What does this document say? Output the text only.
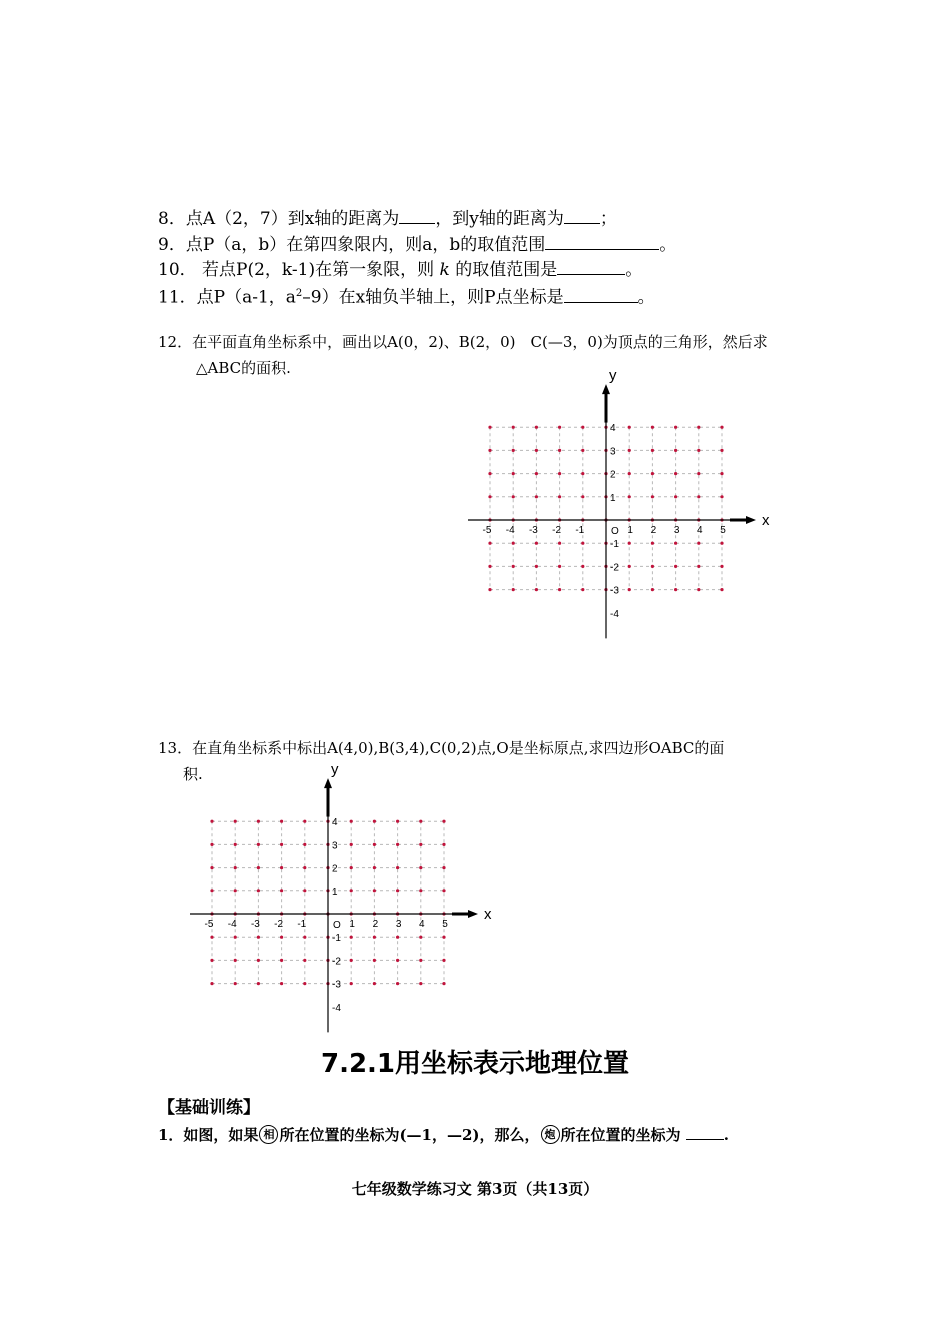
8．点A（2，7）到x轴的距离为 ，到y轴的距离为 ；
9．点P（a，b）在第四象限内，则a，b的取值范围	。
10． 若点P(2，k-1)在第一象限，则 k 的取值范围是	。
11．点P（a-1，$a^2-9$）在x轴负半轴上，则P点坐标是	。
12．在平面直角坐标系中，画出以A(0，2)、B(2，0)　C(—3，0)为顶点的三角形，然后求
△ABC的面积.
x
y
O
-5 -4 -3 -2 -1	1 2 3 4 5
4
3
2
1
-1
-2
-3
-4
13．在直角坐标系中标出A(4,0),B(3,4),C(0,2)点,O是坐标原点,求四边形OABC的面
积.
x
y
O
-5 -4 -3 -2 -1	1 2 3 4 5
4
3
2
1
-1
-2
-3
-4
7.2.1用坐标表示地理位置
【基础训练】
1．如图，如果 相 所在位置的坐标为(—1，—2)，那么， 炮 所在位置的坐标为	.
七年级数学练习文 第3页（共13页）
